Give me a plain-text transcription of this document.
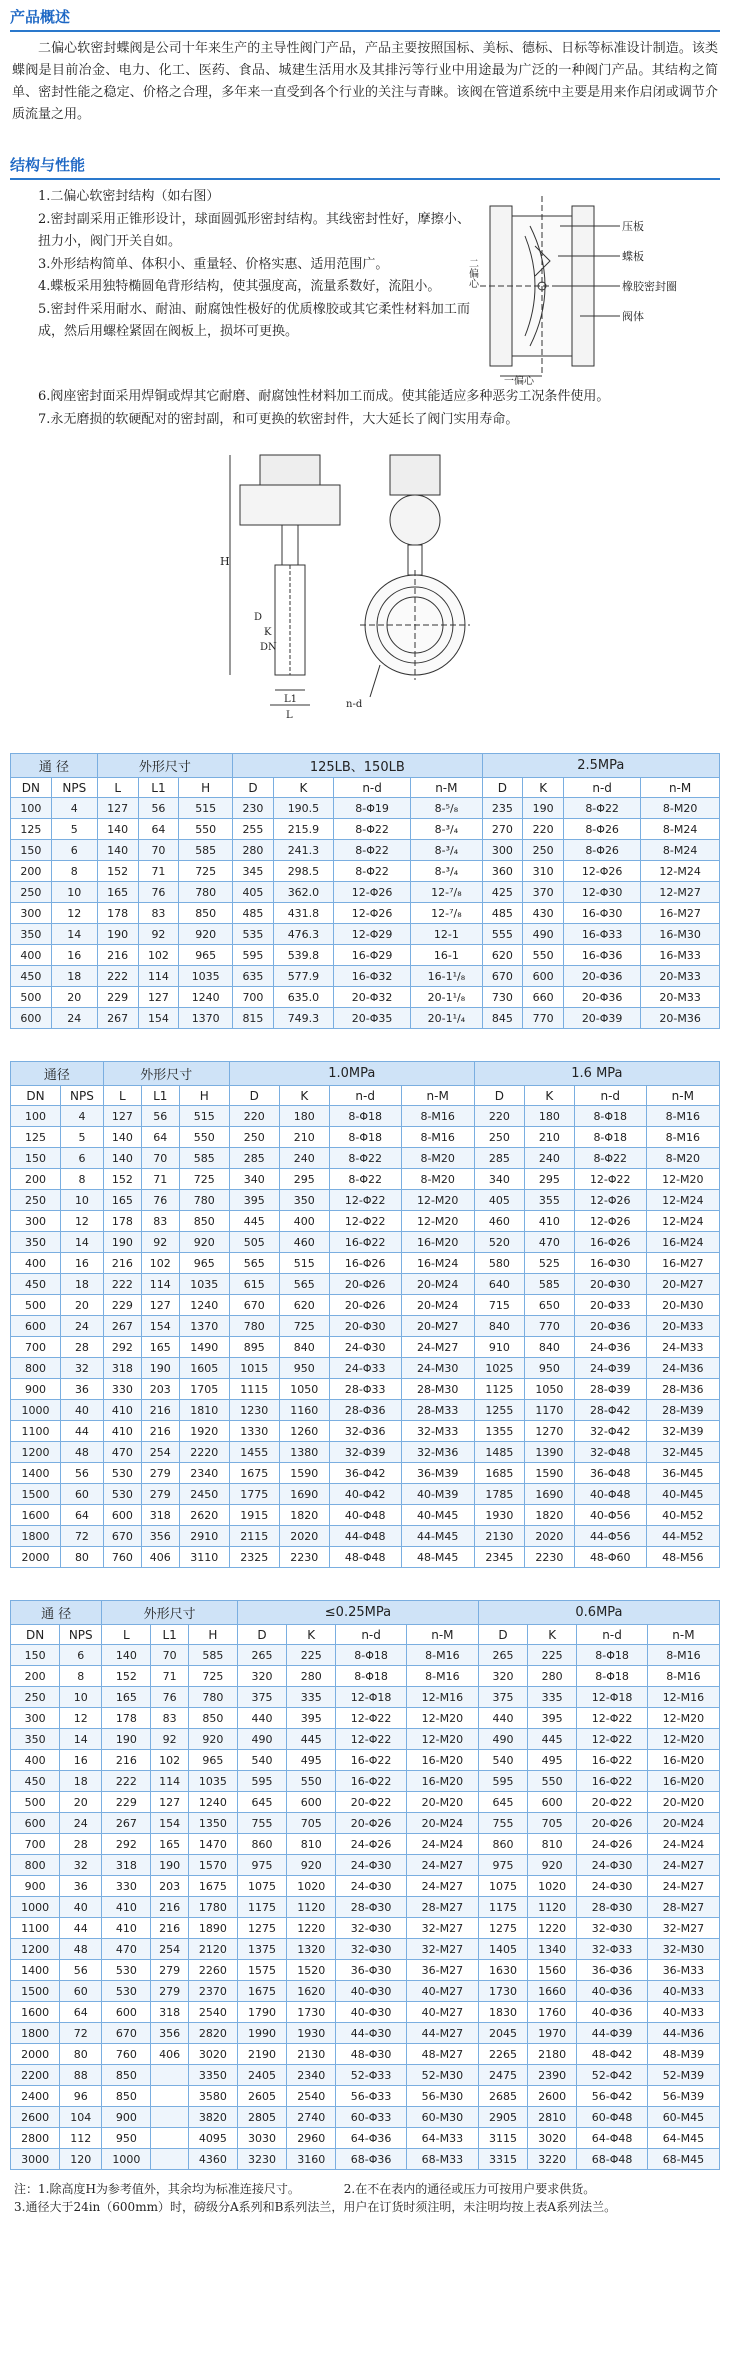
产品概述

二偏心软密封蝶阀是公司十年来生产的主导性阀门产品，产品主要按照国标、美标、德标、日标等标准设计制造。该类蝶阀是目前冶金、电力、化工、医药、食品、城建生活用水及其排污等行业中用途最为广泛的一种阀门产品。其结构之简单、密封性能之稳定、价格之合理，多年来一直受到各个行业的关注与青睐。该阀在管道系统中主要是用来作启闭或调节介质流量之用。

结构与性能

1.二偏心软密封结构（如右图）

2.密封副采用正锥形设计，球面圆弧形密封结构。其线密封性好，摩擦小、扭力小，阀门开关自如。

3.外形结构简单、体积小、重量轻、价格实惠、适用范围广。

4.蝶板采用独特椭圆龟背形结构，使其强度高，流量系数好，流阻小。

5.密封件采用耐水、耐油、耐腐蚀性极好的优质橡胶或其它柔性材料加工而成，然后用螺栓紧固在阀板上，损坏可更换。

压板
蝶板
橡胶密封圈
阀体
一偏心
二偏心

6.阀座密封面采用焊铜或焊其它耐磨、耐腐蚀性材料加工而成。使其能适应多种恶劣工况条件使用。

7.永无磨损的软硬配对的密封副，和可更换的软密封件，大大延长了阀门实用寿命。

H
D
K
DN
L1
L
n-d
通 径		外形尺寸			125LB、150LB				2.5MPa			
DN	NPS	L	L1	H	D	K	n-d	n-M	D	K	n-d	n-M
100	4	127	56	515	230	190.5	8-Φ19	8-⁵/₈	235	190	8-Φ22	8-M20
125	5	140	64	550	255	215.9	8-Φ22	8-³/₄	270	220	8-Φ26	8-M24
150	6	140	70	585	280	241.3	8-Φ22	8-³/₄	300	250	8-Φ26	8-M24
200	8	152	71	725	345	298.5	8-Φ22	8-³/₄	360	310	12-Φ26	12-M24
250	10	165	76	780	405	362.0	12-Φ26	12-⁷/₈	425	370	12-Φ30	12-M27
300	12	178	83	850	485	431.8	12-Φ26	12-⁷/₈	485	430	16-Φ30	16-M27
350	14	190	92	920	535	476.3	12-Φ29	12-1	555	490	16-Φ33	16-M30
400	16	216	102	965	595	539.8	16-Φ29	16-1	620	550	16-Φ36	16-M33
450	18	222	114	1035	635	577.9	16-Φ32	16-1¹/₈	670	600	20-Φ36	20-M33
500	20	229	127	1240	700	635.0	20-Φ32	20-1¹/₈	730	660	20-Φ36	20-M33
600	24	267	154	1370	815	749.3	20-Φ35	20-1¹/₄	845	770	20-Φ39	20-M36
通径		外形尺寸			1.0MPa				1.6 MPa			
DN	NPS	L	L1	H	D	K	n-d	n-M	D	K	n-d	n-M
100	4	127	56	515	220	180	8-Φ18	8-M16	220	180	8-Φ18	8-M16
125	5	140	64	550	250	210	8-Φ18	8-M16	250	210	8-Φ18	8-M16
150	6	140	70	585	285	240	8-Φ22	8-M20	285	240	8-Φ22	8-M20
200	8	152	71	725	340	295	8-Φ22	8-M20	340	295	12-Φ22	12-M20
250	10	165	76	780	395	350	12-Φ22	12-M20	405	355	12-Φ26	12-M24
300	12	178	83	850	445	400	12-Φ22	12-M20	460	410	12-Φ26	12-M24
350	14	190	92	920	505	460	16-Φ22	16-M20	520	470	16-Φ26	16-M24
400	16	216	102	965	565	515	16-Φ26	16-M24	580	525	16-Φ30	16-M27
450	18	222	114	1035	615	565	20-Φ26	20-M24	640	585	20-Φ30	20-M27
500	20	229	127	1240	670	620	20-Φ26	20-M24	715	650	20-Φ33	20-M30
600	24	267	154	1370	780	725	20-Φ30	20-M27	840	770	20-Φ36	20-M33
700	28	292	165	1490	895	840	24-Φ30	24-M27	910	840	24-Φ36	24-M33
800	32	318	190	1605	1015	950	24-Φ33	24-M30	1025	950	24-Φ39	24-M36
900	36	330	203	1705	1115	1050	28-Φ33	28-M30	1125	1050	28-Φ39	28-M36
1000	40	410	216	1810	1230	1160	28-Φ36	28-M33	1255	1170	28-Φ42	28-M39
1100	44	410	216	1920	1330	1260	32-Φ36	32-M33	1355	1270	32-Φ42	32-M39
1200	48	470	254	2220	1455	1380	32-Φ39	32-M36	1485	1390	32-Φ48	32-M45
1400	56	530	279	2340	1675	1590	36-Φ42	36-M39	1685	1590	36-Φ48	36-M45
1500	60	530	279	2450	1775	1690	40-Φ42	40-M39	1785	1690	40-Φ48	40-M45
1600	64	600	318	2620	1915	1820	40-Φ48	40-M45	1930	1820	40-Φ56	40-M52
1800	72	670	356	2910	2115	2020	44-Φ48	44-M45	2130	2020	44-Φ56	44-M52
2000	80	760	406	3110	2325	2230	48-Φ48	48-M45	2345	2230	48-Φ60	48-M56
通 径		外形尺寸			≤0.25MPa				0.6MPa			
DN	NPS	L	L1	H	D	K	n-d	n-M	D	K	n-d	n-M
150	6	140	70	585	265	225	8-Φ18	8-M16	265	225	8-Φ18	8-M16
200	8	152	71	725	320	280	8-Φ18	8-M16	320	280	8-Φ18	8-M16
250	10	165	76	780	375	335	12-Φ18	12-M16	375	335	12-Φ18	12-M16
300	12	178	83	850	440	395	12-Φ22	12-M20	440	395	12-Φ22	12-M20
350	14	190	92	920	490	445	12-Φ22	12-M20	490	445	12-Φ22	12-M20
400	16	216	102	965	540	495	16-Φ22	16-M20	540	495	16-Φ22	16-M20
450	18	222	114	1035	595	550	16-Φ22	16-M20	595	550	16-Φ22	16-M20
500	20	229	127	1240	645	600	20-Φ22	20-M20	645	600	20-Φ22	20-M20
600	24	267	154	1350	755	705	20-Φ26	20-M24	755	705	20-Φ26	20-M24
700	28	292	165	1470	860	810	24-Φ26	24-M24	860	810	24-Φ26	24-M24
800	32	318	190	1570	975	920	24-Φ30	24-M27	975	920	24-Φ30	24-M27
900	36	330	203	1675	1075	1020	24-Φ30	24-M27	1075	1020	24-Φ30	24-M27
1000	40	410	216	1780	1175	1120	28-Φ30	28-M27	1175	1120	28-Φ30	28-M27
1100	44	410	216	1890	1275	1220	32-Φ30	32-M27	1275	1220	32-Φ30	32-M27
1200	48	470	254	2120	1375	1320	32-Φ30	32-M27	1405	1340	32-Φ33	32-M30
1400	56	530	279	2260	1575	1520	36-Φ30	36-M27	1630	1560	36-Φ36	36-M33
1500	60	530	279	2370	1675	1620	40-Φ30	40-M27	1730	1660	40-Φ36	40-M33
1600	64	600	318	2540	1790	1730	40-Φ30	40-M27	1830	1760	40-Φ36	40-M33
1800	72	670	356	2820	1990	1930	44-Φ30	44-M27	2045	1970	44-Φ39	44-M36
2000	80	760	406	3020	2190	2130	48-Φ30	48-M27	2265	2180	48-Φ42	48-M39
2200	88	850		3350	2405	2340	52-Φ33	52-M30	2475	2390	52-Φ42	52-M39
2400	96	850		3580	2605	2540	56-Φ33	56-M30	2685	2600	56-Φ42	56-M39
2600	104	900		3820	2805	2740	60-Φ33	60-M30	2905	2810	60-Φ48	60-M45
2800	112	950		4095	3030	2960	64-Φ36	64-M33	3115	3020	64-Φ48	64-M45
3000	120	1000		4360	3230	3160	68-Φ36	68-M33	3315	3220	68-Φ48	68-M45
注：1.除高度H为参考值外，其余均为标准连接尺寸。	2.在不在表内的通径或压力可按用户要求供货。
3.通径大于24in（600mm）时，磅级分A系列和B系列法兰，用户在订货时须注明，未注明均按上表A系列法兰。
